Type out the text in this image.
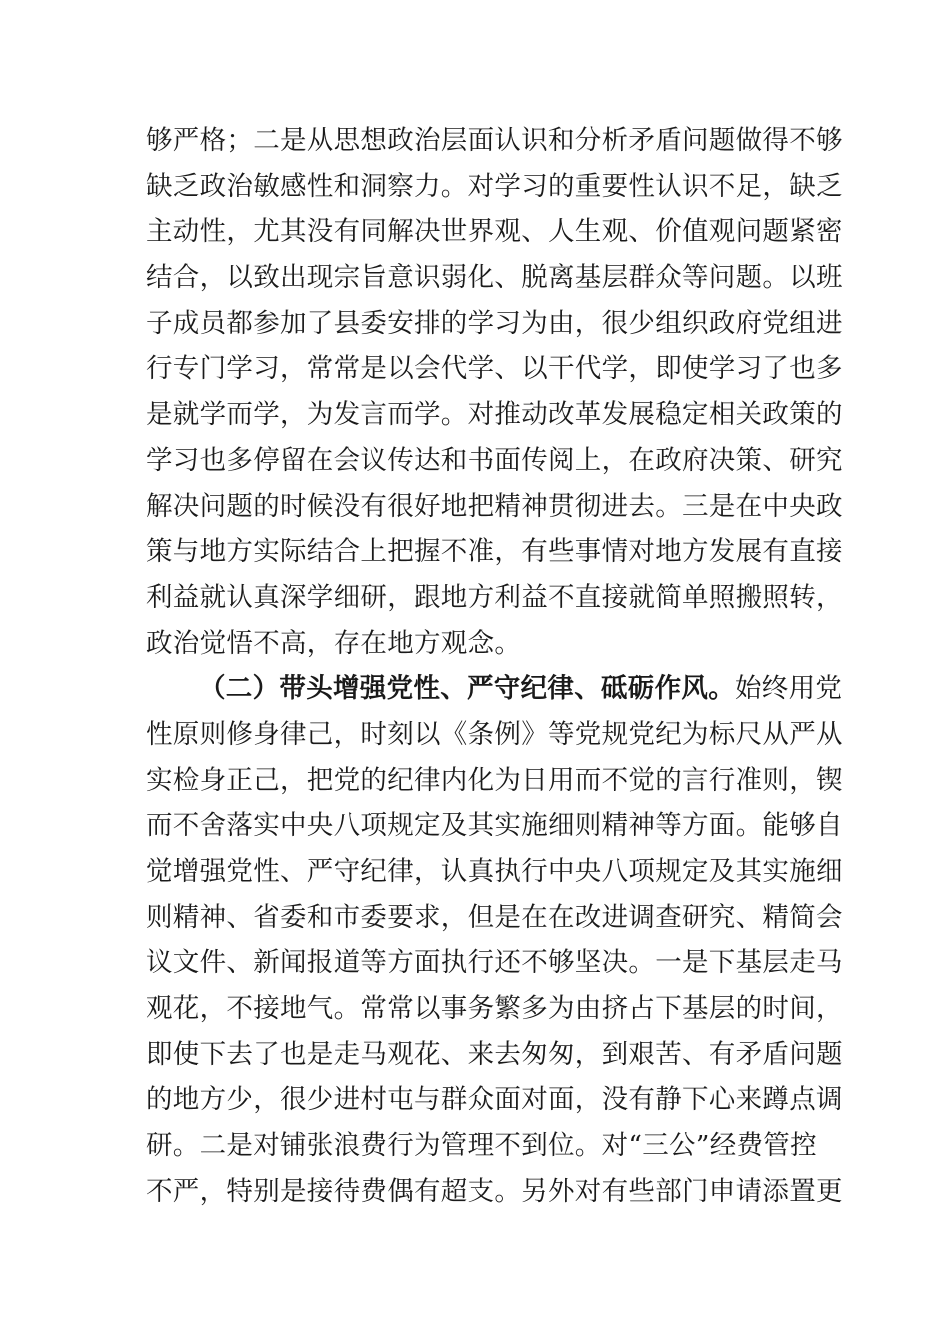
够严格；二是从思想政治层面认识和分析矛盾问题做得不够
缺乏政治敏感性和洞察力。对学习的重要性认识不足，缺乏
主动性，尤其没有同解决世界观、人生观、价值观问题紧密
结合，以致出现宗旨意识弱化、脱离基层群众等问题。以班
子成员都参加了县委安排的学习为由，很少组织政府党组进
行专门学习，常常是以会代学、以干代学，即使学习了也多
是就学而学，为发言而学。对推动改革发展稳定相关政策的
学习也多停留在会议传达和书面传阅上，在政府决策、研究
解决问题的时候没有很好地把精神贯彻进去。三是在中央政
策与地方实际结合上把握不准，有些事情对地方发展有直接
利益就认真深学细研，跟地方利益不直接就简单照搬照转，
政治觉悟不高，存在地方观念。
（二）带头增强党性、严守纪律、砥砺作风。始终用党
性原则修身律己，时刻以《条例》等党规党纪为标尺从严从
实检身正己，把党的纪律内化为日用而不觉的言行准则，锲
而不舍落实中央八项规定及其实施细则精神等方面。能够自
觉增强党性、严守纪律，认真执行中央八项规定及其实施细
则精神、省委和市委要求，但是在在改进调查研究、精简会
议文件、新闻报道等方面执行还不够坚决。一是下基层走马
观花，不接地气。常常以事务繁多为由挤占下基层的时间，
即使下去了也是走马观花、来去匆匆，到艰苦、有矛盾问题
的地方少，很少进村屯与群众面对面，没有静下心来蹲点调
研。二是对铺张浪费行为管理不到位。对“三公”经费管控
不严，特别是接待费偶有超支。另外对有些部门申请添置更
